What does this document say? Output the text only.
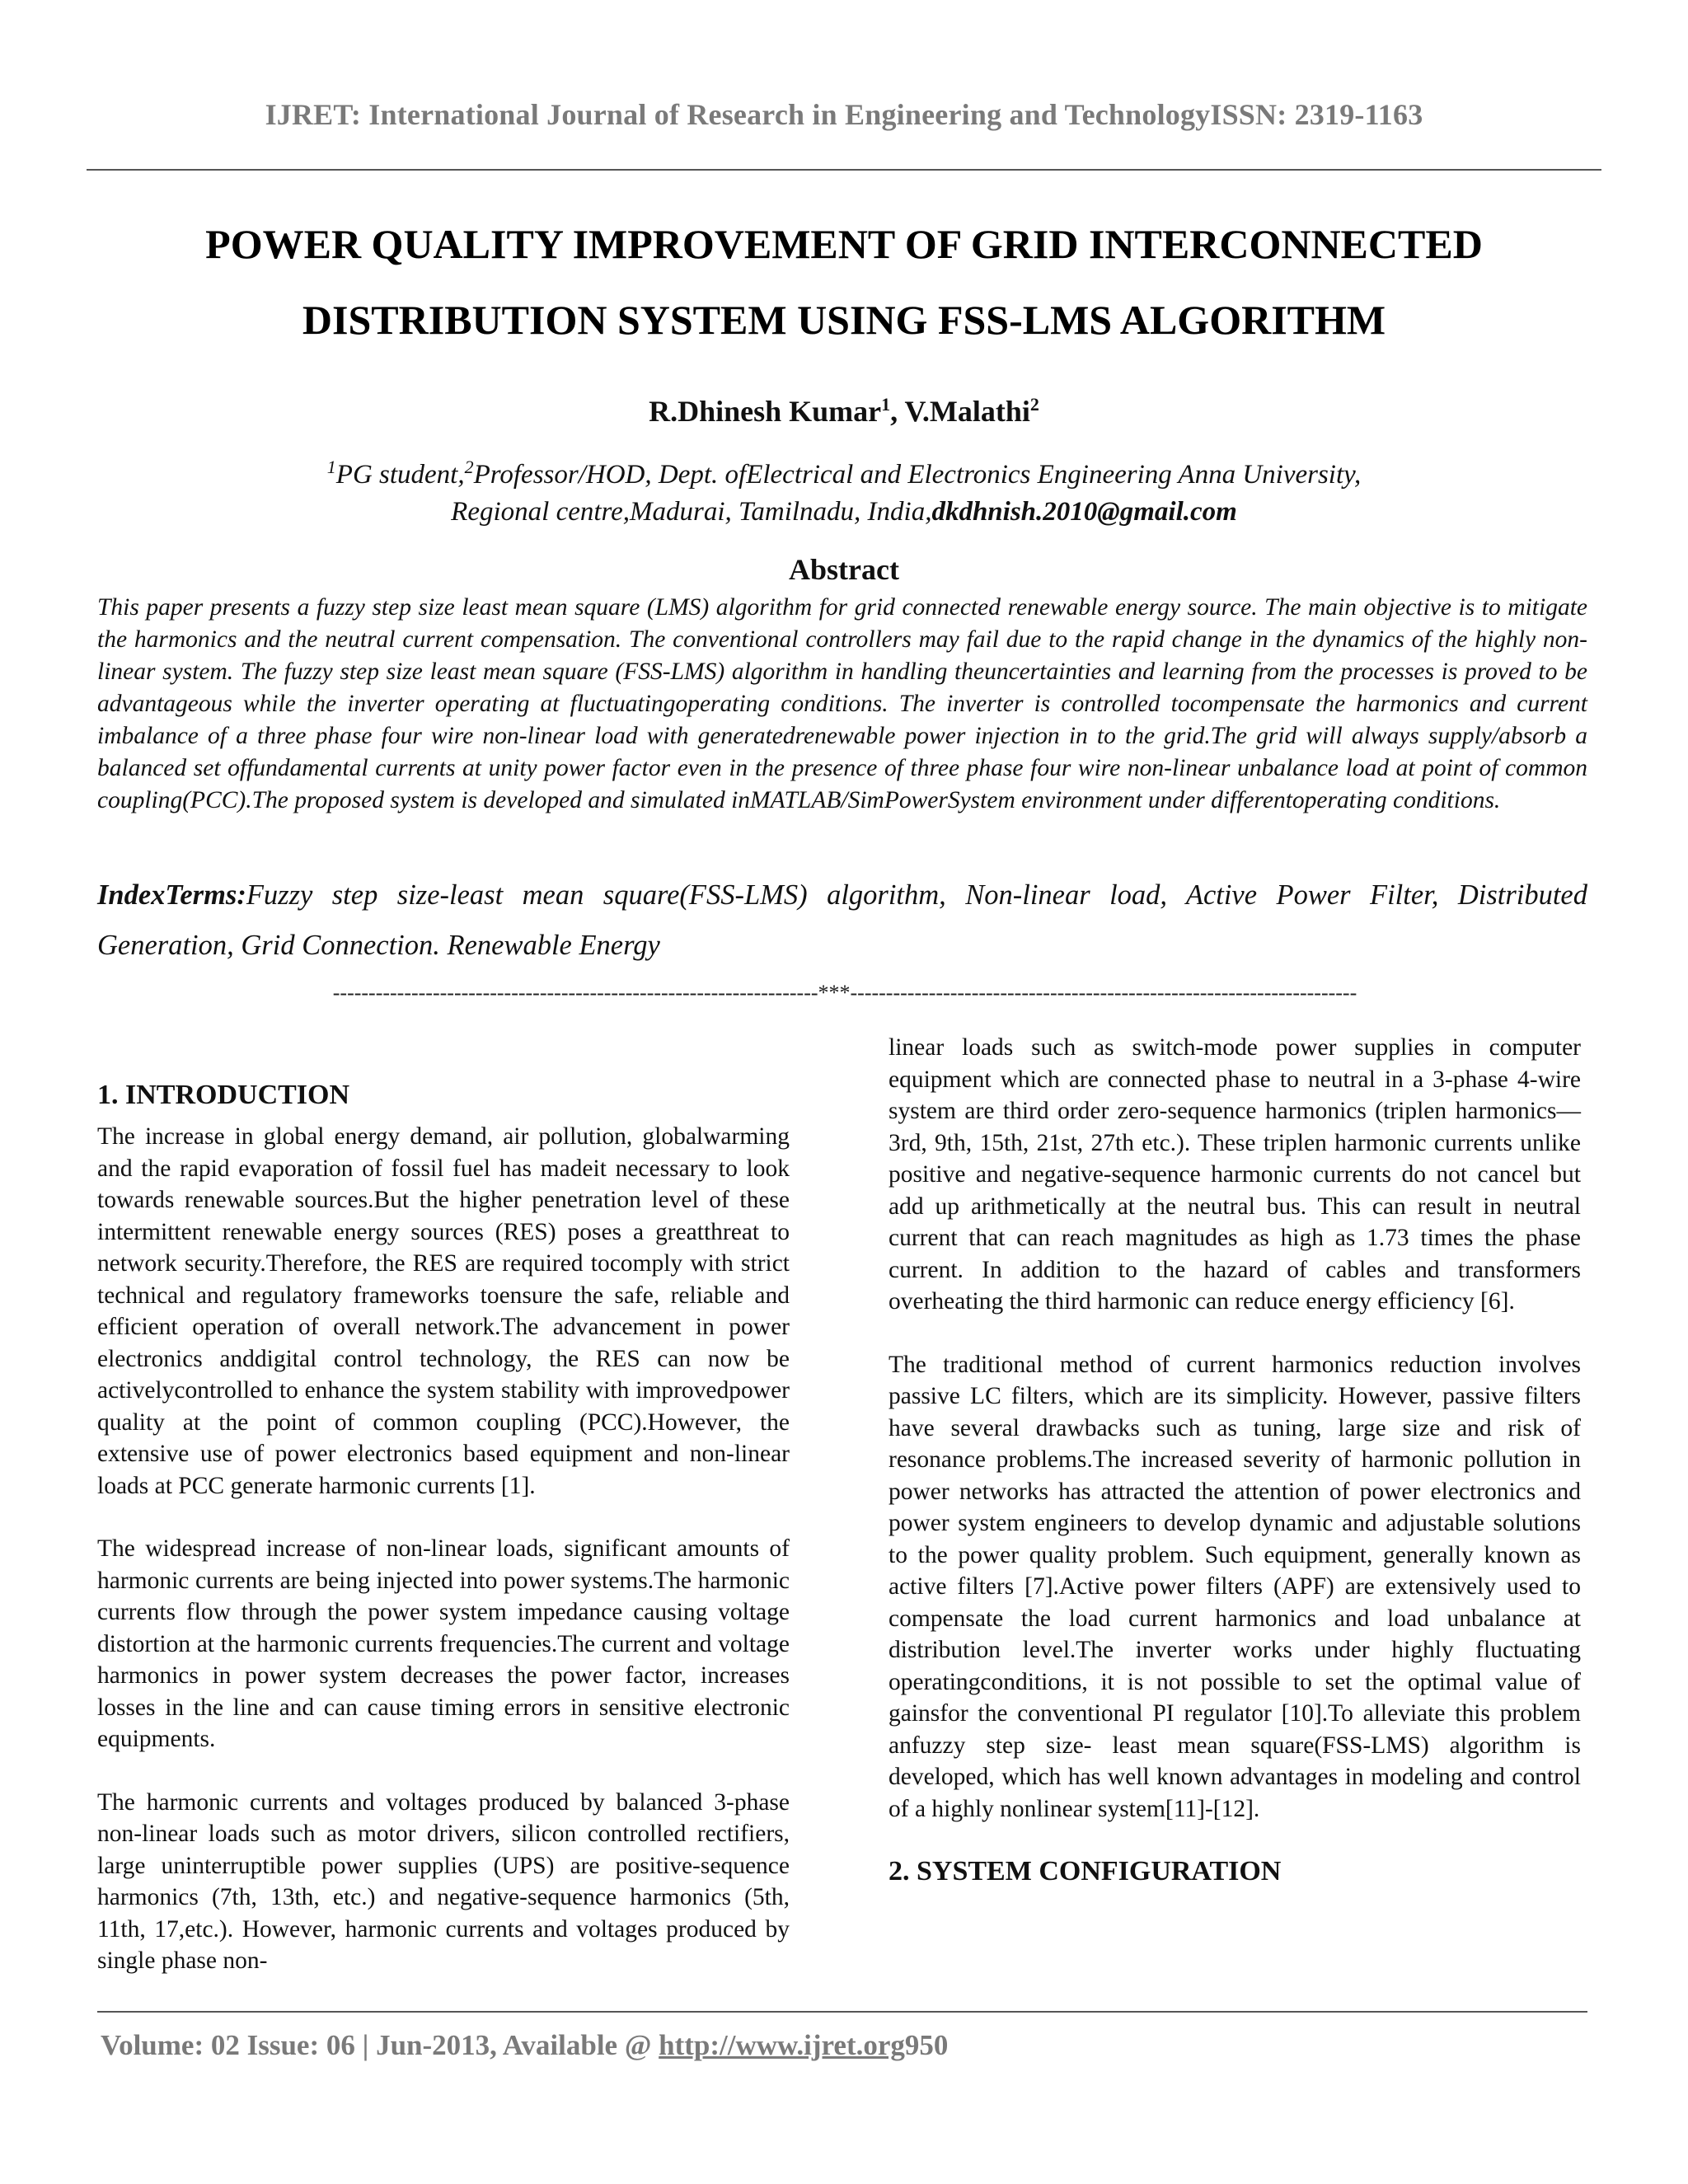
IJRET: International Journal of Research in Engineering and TechnologyISSN: 2319-1163
POWER QUALITY IMPROVEMENT OF GRID INTERCONNECTED
DISTRIBUTION SYSTEM USING FSS-LMS ALGORITHM
R.Dhinesh Kumar$^1$, V.Malathi$^2$
$^1$PG student,$^2$Professor/HOD, Dept. ofElectrical and Electronics Engineering Anna University,
Regional centre,Madurai, Tamilnadu, India,dkdhnish.2010@gmail.com
Abstract
This paper presents a fuzzy step size least mean square (LMS) algorithm for grid connected renewable energy source. The main objective is to mitigate the harmonics and the neutral current compensation. The conventional controllers may fail due to the rapid change in the dynamics of the highly non-linear system. The fuzzy step size least mean square (FSS-LMS) algorithm in handling theuncertainties and learning from the processes is proved to be advantageous while the inverter operating at fluctuatingoperating conditions. The inverter is controlled tocompensate the harmonics and current imbalance of a three phase four wire non-linear load with generatedrenewable power injection in to the grid.The grid will always supply/absorb a balanced set offundamental currents at unity power factor even in the presence of three phase four wire non-linear unbalance load at point of common coupling(PCC).The proposed system is developed and simulated inMATLAB/SimPowerSystem environment under differentoperating conditions.
IndexTerms:Fuzzy step size-least mean square(FSS-LMS) algorithm, Non-linear load, Active Power Filter, Distributed Generation, Grid Connection. Renewable Energy
--------------------------------------------------------------------***-----------------------------------------------------------------------
1. INTRODUCTION

The increase in global energy demand, air pollution, globalwarming and the rapid evaporation of fossil fuel has madeit necessary to look towards renewable sources.But the higher penetration level of these intermittent renewable energy sources (RES) poses a greatthreat to network security.Therefore, the RES are required tocomply with strict technical and regulatory frameworks toensure the safe, reliable and efficient operation of overall network.The advancement in power electronics anddigital control technology, the RES can now be activelycontrolled to enhance the system stability with improvedpower quality at the point of common coupling (PCC).However, the extensive use of power electronics based equipment and non-linear loads at PCC generate harmonic currents [1].

The widespread increase of non-linear loads, significant amounts of harmonic currents are being injected into power systems.The harmonic currents flow through the power system impedance causing voltage distortion at the harmonic currents frequencies.The current and voltage harmonics in power system decreases the power factor, increases losses in the line and can cause timing errors in sensitive electronic equipments.

The harmonic currents and voltages produced by balanced 3-phase non-linear loads such as motor drivers, silicon controlled rectifiers, large uninterruptible power supplies (UPS) are positive-sequence harmonics (7th, 13th, etc.) and negative-sequence harmonics (5th, 11th, 17,etc.). However, harmonic currents and voltages produced by single phase non-

linear loads such as switch-mode power supplies in computer equipment which are connected phase to neutral in a 3-phase 4-wire system are third order zero-sequence harmonics (triplen harmonics—3rd, 9th, 15th, 21st, 27th etc.). These triplen harmonic currents unlike positive and negative-sequence harmonic currents do not cancel but add up arithmetically at the neutral bus. This can result in neutral current that can reach magnitudes as high as 1.73 times the phase current. In addition to the hazard of cables and transformers overheating the third harmonic can reduce energy efficiency [6].

The traditional method of current harmonics reduction involves passive LC filters, which are its simplicity. However, passive filters have several drawbacks such as tuning, large size and risk of resonance problems.The increased severity of harmonic pollution in power networks has attracted the attention of power electronics and power system engineers to develop dynamic and adjustable solutions to the power quality problem. Such equipment, generally known as active filters [7].Active power filters (APF) are extensively used to compensate the load current harmonics and load unbalance at distribution level.The inverter works under highly fluctuating operatingconditions, it is not possible to set the optimal value of gainsfor the conventional PI regulator [10].To alleviate this problem anfuzzy step size- least mean square(FSS-LMS) algorithm is developed, which has well known advantages in modeling and control of a highly nonlinear system[11]-[12].

2. SYSTEM CONFIGURATION
Volume: 02 Issue: 06 | Jun-2013, Available @ http://www.ijret.org950
